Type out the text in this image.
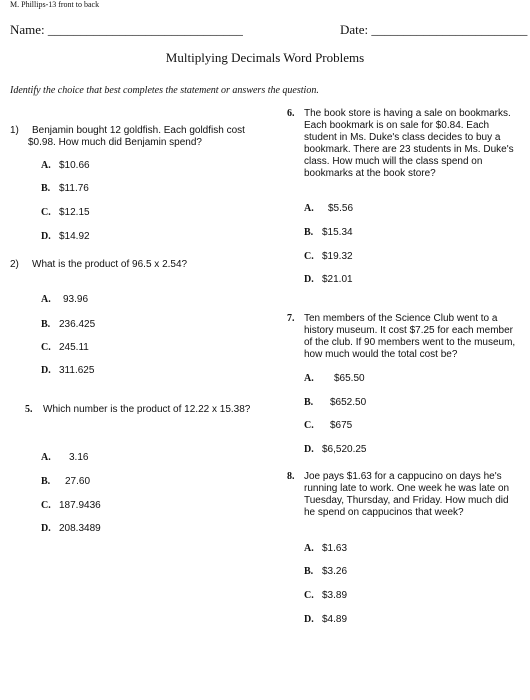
M. Phillips-13 front to back
Name: ______________________________	Date: ________________________
Multiplying Decimals Word Problems
Identify the choice that best completes the statement or answers the question.
1)	Benjamin bought 12 goldfish. Each goldfish cost $0.98. How much did Benjamin spend?
A. $10.66
B. $11.76
C. $12.15
D. $14.92
2) What is the product of 96.5 x 2.54?
A. 93.96
B. 236.425
C. 245.11
D. 311.625
5. Which number is the product of 12.22 x 15.38?
A. 3.16
B. 27.60
C. 187.9436
D. 208.3489
6. The book store is having a sale on bookmarks. Each bookmark is on sale for $0.84. Each student in Ms. Duke's class decides to buy a bookmark. There are 23 students in Ms. Duke's class. How much will the class spend on bookmarks at the book store?
A. $5.56
B. $15.34
C. $19.32
D. $21.01
7. Ten members of the Science Club went to a history museum. It cost $7.25 for each member of the club. If 90 members went to the museum, how much would the total cost be?
A. $65.50
B. $652.50
C. $675
D. $6,520.25
8. Joe pays $1.63 for a cappucino on days he's running late to work. One week he was late on Tuesday, Thursday, and Friday. How much did he spend on cappucinos that week?
A. $1.63
B. $3.26
C. $3.89
D. $4.89
